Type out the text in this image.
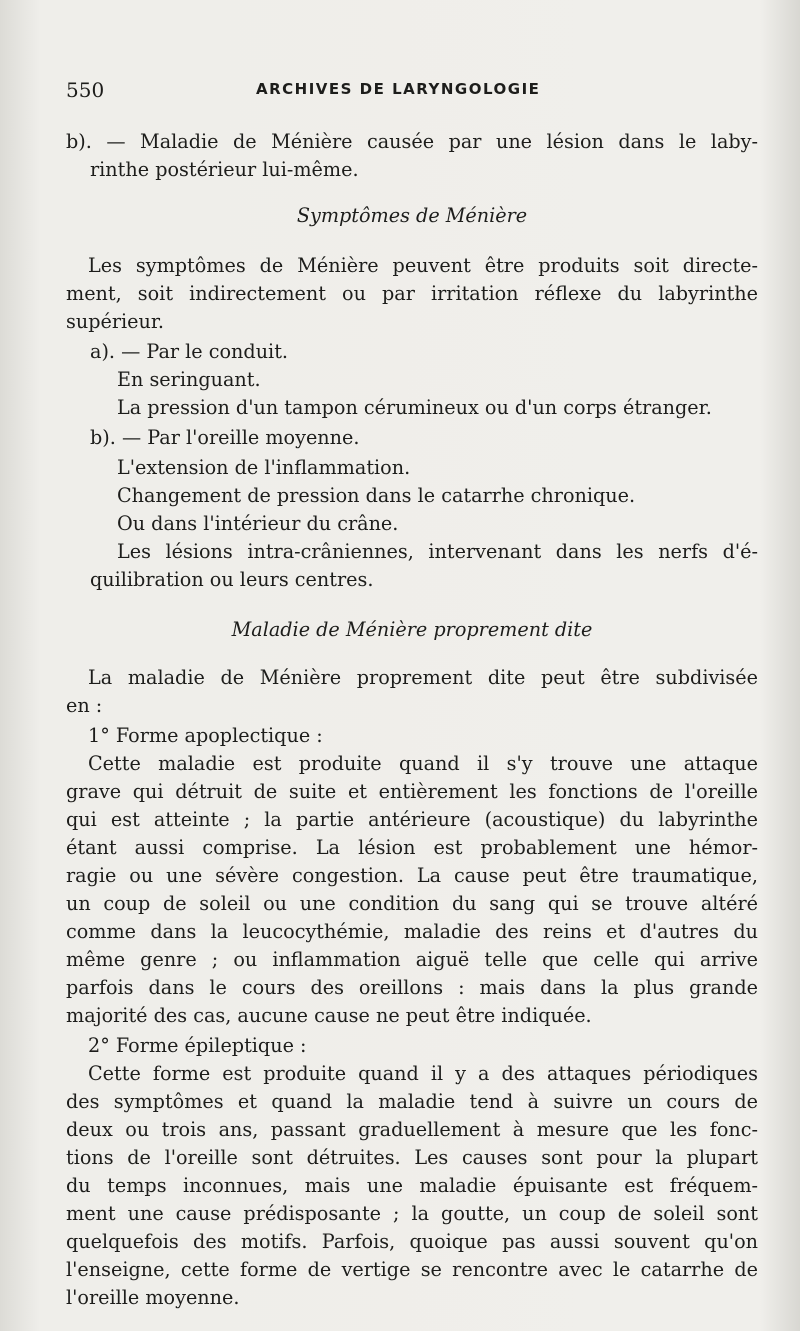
550	ARCHIVES DE LARYNGOLOGIE
b). — Maladie de Ménière causée par une lésion dans le laby-
rinthe postérieur lui-même.
Symptômes de Ménière
Les symptômes de Ménière peuvent être produits soit directe-
ment, soit indirectement ou par irritation réflexe du labyrinthe
supérieur.
a). — Par le conduit.
En seringuant.
La pression d'un tampon cérumineux ou d'un corps étranger.
b). — Par l'oreille moyenne.
L'extension de l'inflammation.
Changement de pression dans le catarrhe chronique.
Ou dans l'intérieur du crâne.
Les lésions intra-crâniennes, intervenant dans les nerfs d'é-
quilibration ou leurs centres.
Maladie de Ménière proprement dite
La maladie de Ménière proprement dite peut être subdivisée
en :
1° Forme apoplectique :
Cette maladie est produite quand il s'y trouve une attaque
grave qui détruit de suite et entièrement les fonctions de l'oreille
qui est atteinte ; la partie antérieure (acoustique) du labyrinthe
étant aussi comprise. La lésion est probablement une hémor-
ragie ou une sévère congestion. La cause peut être traumatique,
un coup de soleil ou une condition du sang qui se trouve altéré
comme dans la leucocythémie, maladie des reins et d'autres du
même genre ; ou inflammation aiguë telle que celle qui arrive
parfois dans le cours des oreillons : mais dans la plus grande
majorité des cas, aucune cause ne peut être indiquée.
2° Forme épileptique :
Cette forme est produite quand il y a des attaques périodiques
des symptômes et quand la maladie tend à suivre un cours de
deux ou trois ans, passant graduellement à mesure que les fonc-
tions de l'oreille sont détruites. Les causes sont pour la plupart
du temps inconnues, mais une maladie épuisante est fréquem-
ment une cause prédisposante ; la goutte, un coup de soleil sont
quelquefois des motifs. Parfois, quoique pas aussi souvent qu'on
l'enseigne, cette forme de vertige se rencontre avec le catarrhe de
l'oreille moyenne.
